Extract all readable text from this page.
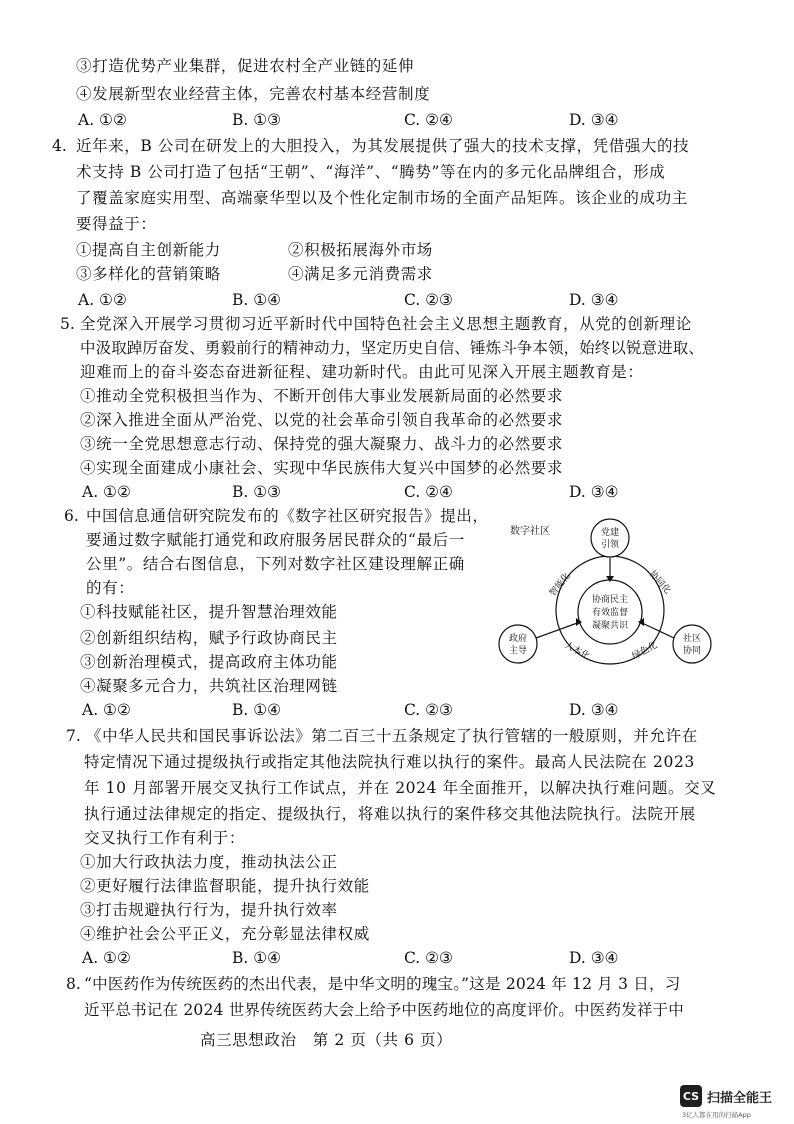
③打造优势产业集群，促进农村全产业链的延伸
④发展新型农业经营主体，完善农村基本经营制度
A. ①②	B. ①③	C. ②④	D. ③④
4. 近年来，B 公司在研发上的大胆投入，为其发展提供了强大的技术支撑，凭借强大的技
术支持 B 公司打造了包括“王朝”、“海洋”、“腾势”等在内的多元化品牌组合，形成
了覆盖家庭实用型、高端豪华型以及个性化定制市场的全面产品矩阵。该企业的成功主
要得益于：
①提高自主创新能力	②积极拓展海外市场
③多样化的营销策略	④满足多元消费需求
A. ①②	B. ①④	C. ②③	D. ③④
5. 全党深入开展学习贯彻习近平新时代中国特色社会主义思想主题教育，从党的创新理论
中汲取踔厉奋发、勇毅前行的精神动力，坚定历史自信、锤炼斗争本领，始终以锐意进取、
迎难而上的奋斗姿态奋进新征程、建功新时代。由此可见深入开展主题教育是：
①推动全党积极担当作为、不断开创伟大事业发展新局面的必然要求
②深入推进全面从严治党、以党的社会革命引领自我革命的必然要求
③统一全党思想意志行动、保持党的强大凝聚力、战斗力的必然要求
④实现全面建成小康社会、实现中华民族伟大复兴中国梦的必然要求
A. ①②	B. ①③	C. ②④	D. ③④
6. 中国信息通信研究院发布的《数字社区研究报告》提出，
要通过数字赋能打通党和政府服务居民群众的“最后一
公里”。结合右图信息，下列对数字社区建设理解正确
的有：
①科技赋能社区，提升智慧治理效能
②创新组织结构，赋予行政协商民主
③创新治理模式，提高政府主体功能
④凝聚多元合力，共筑社区治理网链
A. ①②	B. ①④	C. ②③	D. ③④
数字社区	党建
引领
政府
主导
社区
协同
协商民主
有效监督
凝聚共识
智能化	协同化
人本化	绿色化
7. 《中华人民共和国民事诉讼法》第二百三十五条规定了执行管辖的一般原则，并允许在
特定情况下通过提级执行或指定其他法院执行难以执行的案件。最高人民法院在 2023
年 10 月部署开展交叉执行工作试点，并在 2024 年全面推开，以解决执行难问题。交叉
执行通过法律规定的指定、提级执行，将难以执行的案件移交其他法院执行。法院开展
交叉执行工作有利于：
①加大行政执法力度，推动执法公正
②更好履行法律监督职能，提升执行效能
③打击规避执行行为，提升执行效率
④维护社会公平正义，充分彰显法律权威
A. ①②	B. ①④	C. ②③	D. ③④
8. “中医药作为传统医药的杰出代表，是中华文明的瑰宝。”这是 2024 年 12 月 3 日，习
近平总书记在 2024 世界传统医药大会上给予中医药地位的高度评价。中医药发祥于中
高三思想政治　第 2 页（共 6 页）
CS 扫描全能王
3亿人都在用的扫描App
